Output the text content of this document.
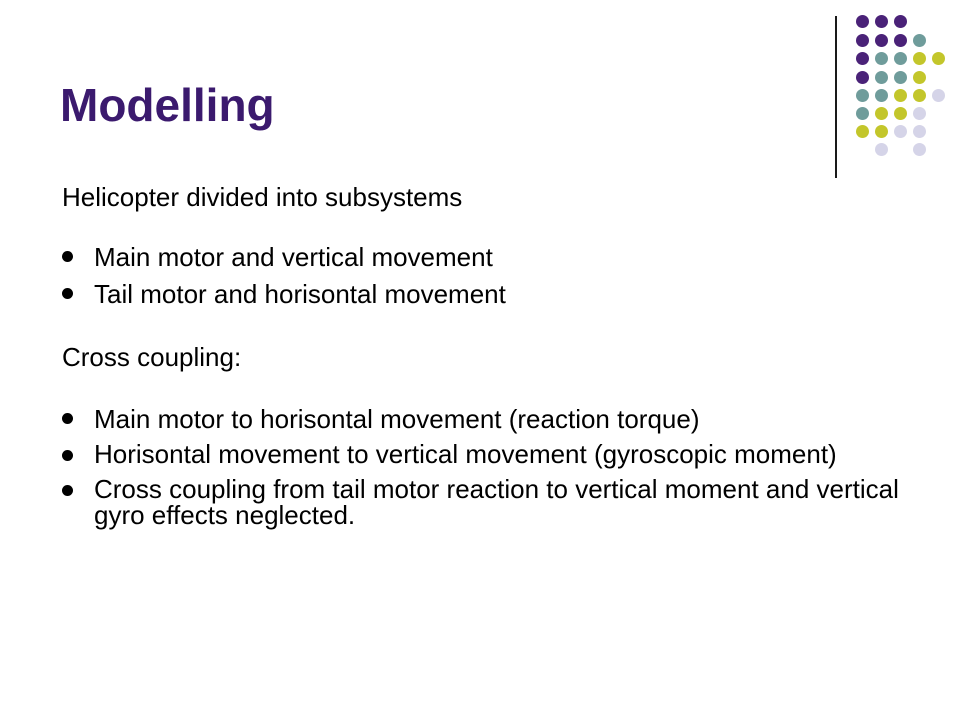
Modelling

Helicopter divided into subsystems

Main motor and vertical movement
Tail motor and horisontal movement

Cross coupling:

Main motor to horisontal movement (reaction torque)
Horisontal movement to vertical movement (gyroscopic moment)
Cross coupling from tail motor reaction to vertical moment and vertical gyro effects neglected.
